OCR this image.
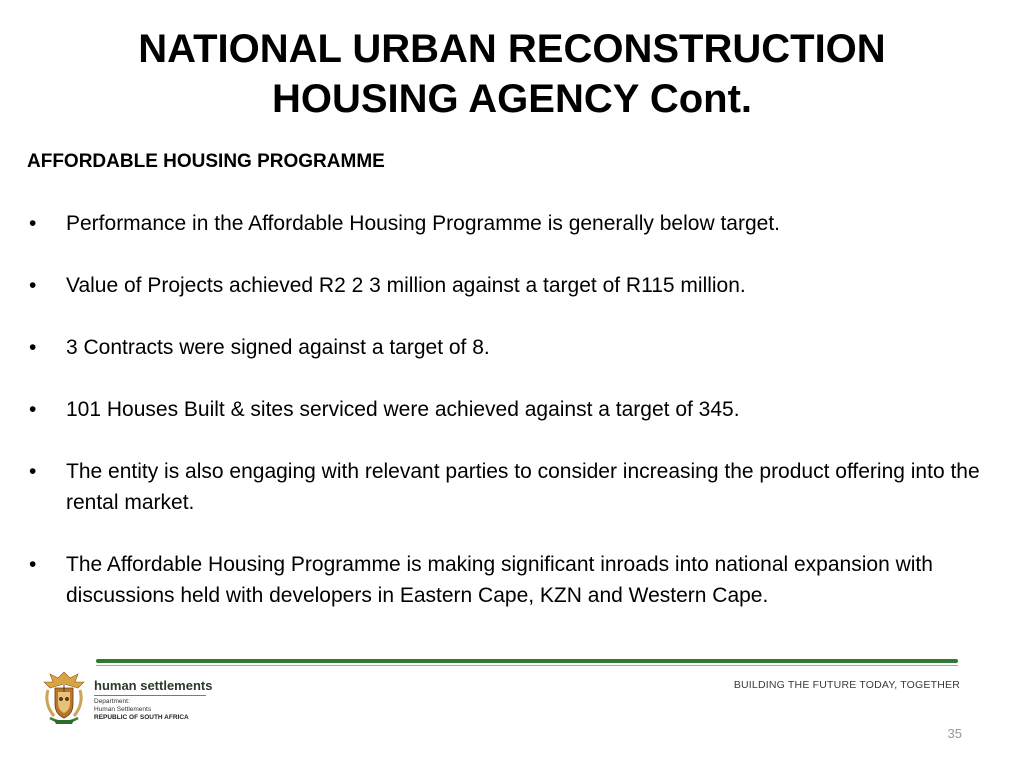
NATIONAL URBAN RECONSTRUCTION
HOUSING AGENCY Cont.
AFFORDABLE HOUSING PROGRAMME
• Performance in the Affordable Housing Programme is generally below target.
• Value of Projects achieved R2 2 3 million against a target of R115 million.
• 3 Contracts were signed against a target of 8.
• 101 Houses Built & sites serviced were achieved against a target of 345.
• The entity is also engaging with relevant parties to consider increasing the product offering into the rental market.
• The Affordable Housing Programme is making significant inroads into national expansion with discussions held with developers in Eastern Cape, KZN and Western Cape.
human settlements
Department:
Human Settlements
REPUBLIC OF SOUTH AFRICA
BUILDING THE FUTURE TODAY, TOGETHER
35
